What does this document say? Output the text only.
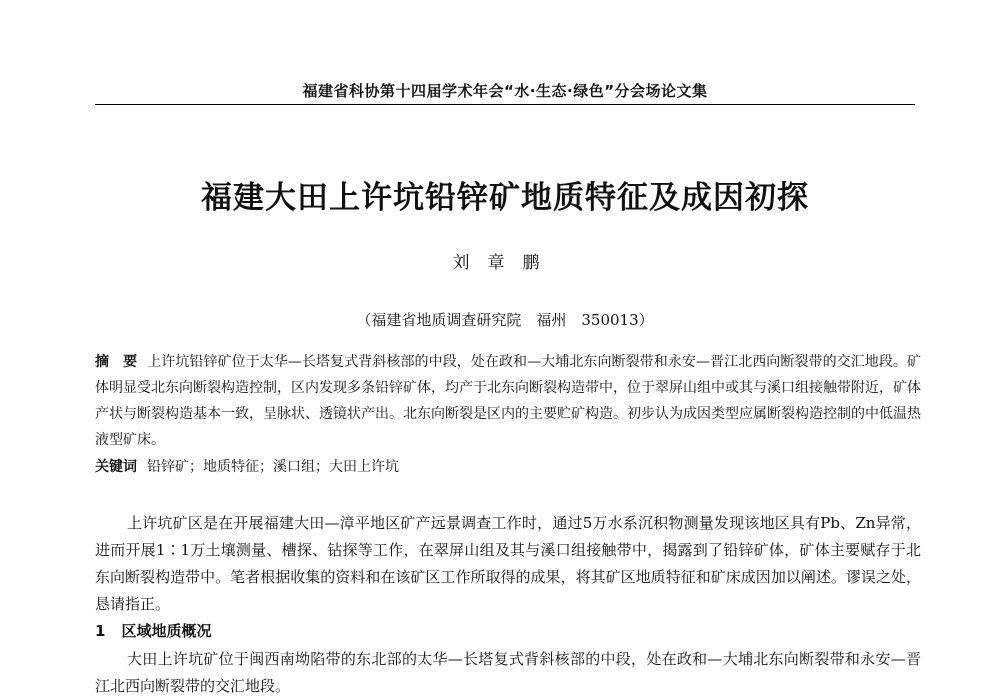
福建省科协第十四届学术年会“水·生态·绿色”分会场论文集
福建大田上许坑铅锌矿地质特征及成因初探
刘章鹏
（福建省地质调查研究院　福州　350013）
摘　要 上许坑铅锌矿位于太华—长塔复式背斜核部的中段，处在政和—大埔北东向断裂带和永安—晋江北西向断裂带的交汇地段。矿体明显受北东向断裂构造控制，区内发现多条铅锌矿体，均产于北东向断裂构造带中，位于翠屏山组中或其与溪口组接触带附近，矿体产状与断裂构造基本一致，呈脉状、透镜状产出。北东向断裂是区内的主要贮矿构造。初步认为成因类型应属断裂构造控制的中低温热液型矿床。
关键词 铅锌矿；地质特征；溪口组；大田上许坑
上许坑矿区是在开展福建大田—漳平地区矿产远景调查工作时，通过5万水系沉积物测量发现该地区具有Pb、Zn异常，进而开展1∶1万土壤测量、槽探、钻探等工作，在翠屏山组及其与溪口组接触带中，揭露到了铅锌矿体，矿体主要赋存于北东向断裂构造带中。笔者根据收集的资料和在该矿区工作所取得的成果，将其矿区地质特征和矿床成因加以阐述。谬误之处，恳请指正。
1 区域地质概况
大田上许坑矿位于闽西南坳陷带的东北部的太华—长塔复式背斜核部的中段，处在政和—大埔北东向断裂带和永安—晋江北西向断裂带的交汇地段。
